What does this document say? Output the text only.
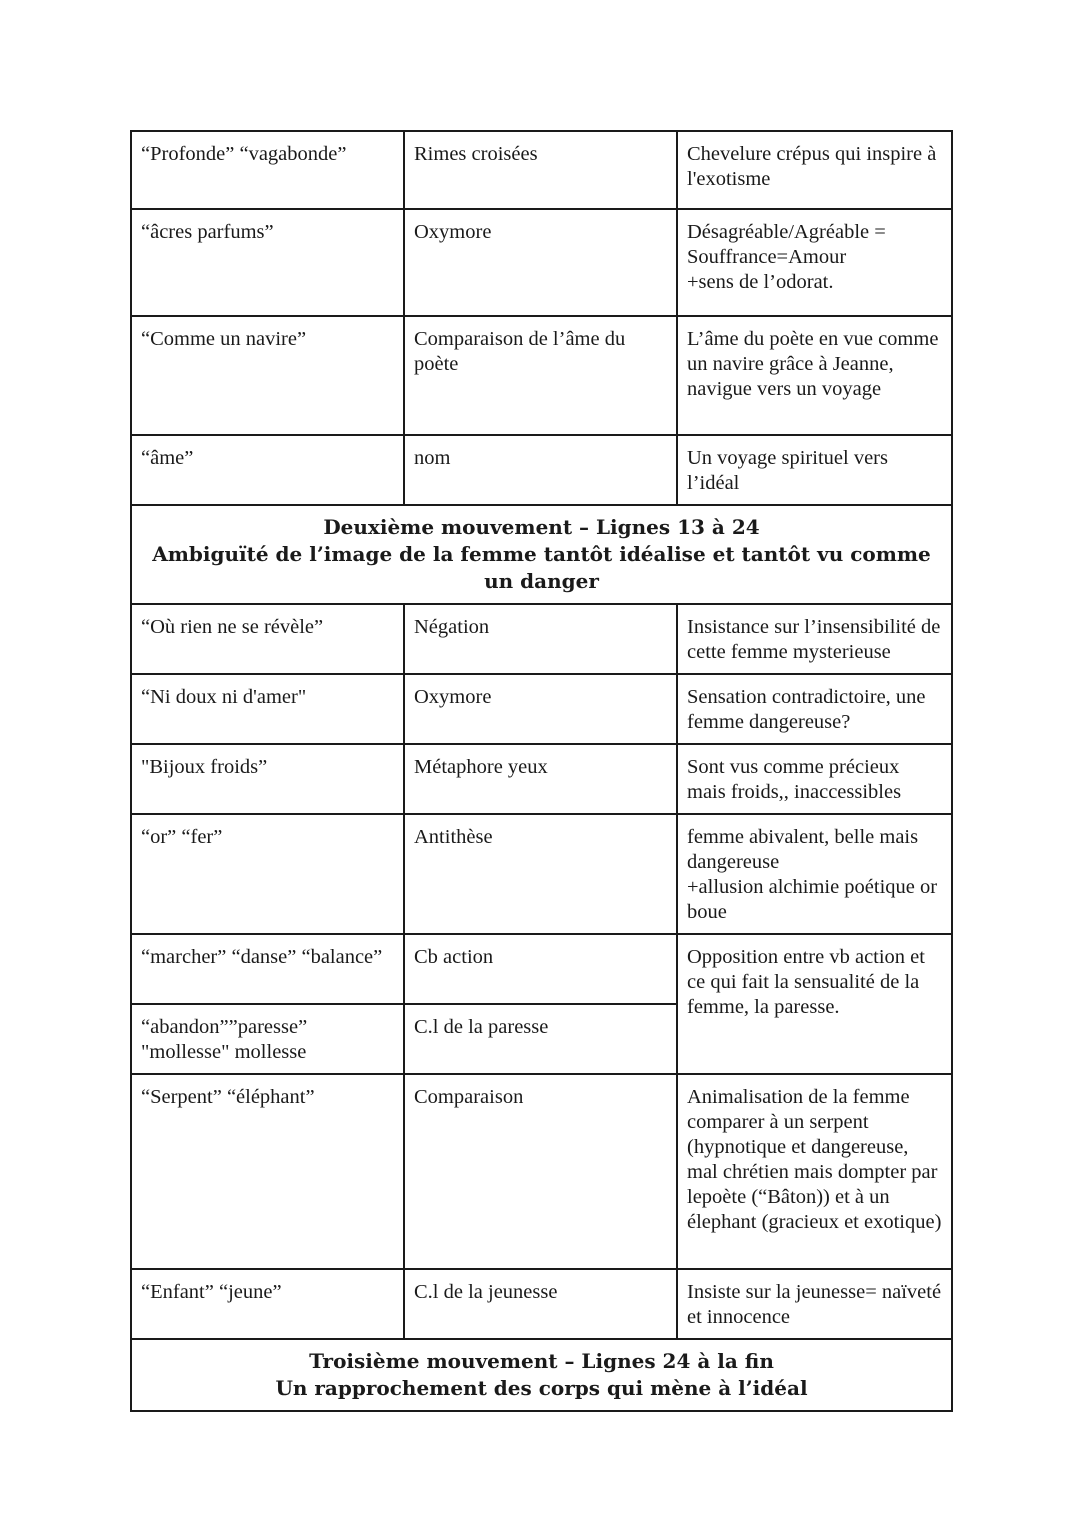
“Profonde” “vagabonde”	Rimes croisées	Chevelure crépus qui inspire à l'exotisme

“âcres parfums”	Oxymore	Désagréable/Agréable = Souffrance=Amour
+sens de l’odorat.

“Comme un navire”	Comparaison de l’âme du poète	L’âme du poète en vue comme un navire grâce à Jeanne, navigue vers un voyage

“âme”	nom	Un voyage spirituel vers l’idéal

Deuxième mouvement – Lignes 13 à 24
Ambiguïté de l’image de la femme tantôt idéalise et tantôt vu comme un danger		

“Où rien ne se révèle”	Négation	Insistance sur l’insensibilité de cette femme mysterieuse

“Ni doux ni d'amer"	Oxymore	Sensation contradictoire, une femme dangereuse?

"Bijoux froids”	Métaphore yeux	Sont vus comme précieux mais froids,, inaccessibles

“or” “fer”	Antithèse	femme abivalent, belle mais dangereuse
+allusion alchimie poétique or boue

“marcher” “danse” “balance”	Cb action	Opposition entre vb action et ce qui fait la sensualité de la femme, la paresse.

“abandon””paresse” "mollesse" mollesse	C.l de la paresse	

“Serpent” “éléphant”	Comparaison	Animalisation de la femme comparer à un serpent (hypnotique et dangereuse, mal chrétien mais dompter par lepoète (“Bâton)) et à un élephant (gracieux et exotique)

“Enfant” “jeune”	C.l de la jeunesse	Insiste sur la jeunesse= naïveté et innocence

Troisième mouvement – Lignes 24 à la fin
Un rapprochement des corps qui mène à l’idéal		
